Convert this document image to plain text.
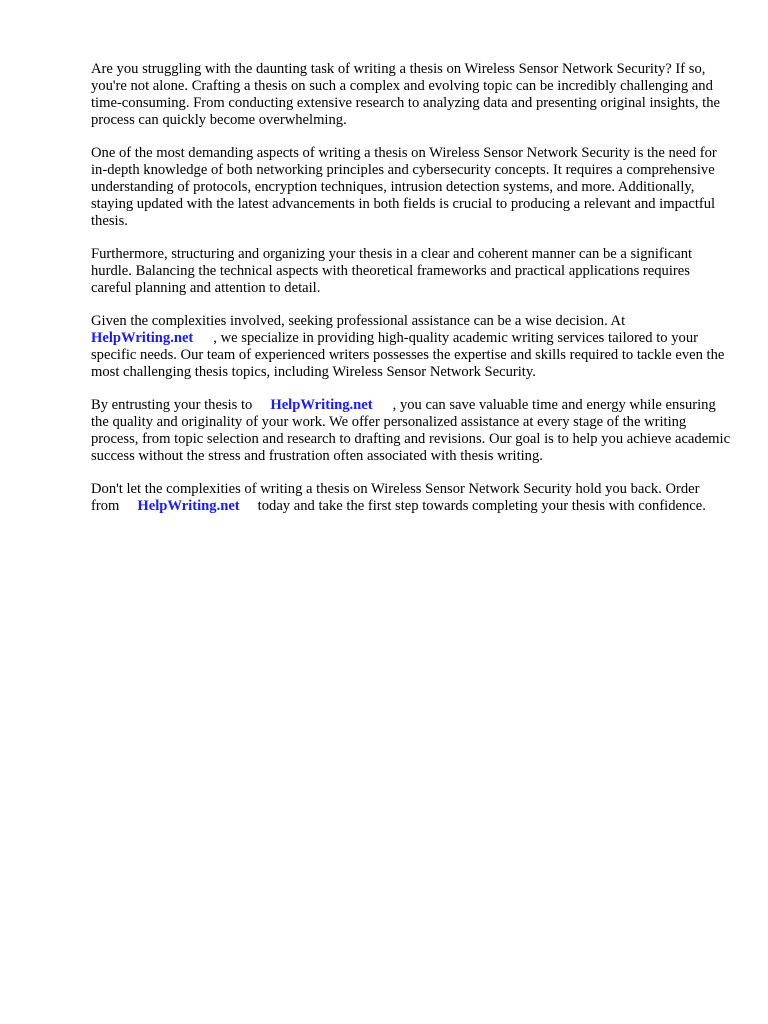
Are you struggling with the daunting task of writing a thesis on Wireless Sensor Network Security? If so, you're not alone. Crafting a thesis on such a complex and evolving topic can be incredibly challenging and time-consuming. From conducting extensive research to analyzing data and presenting original insights, the process can quickly become overwhelming.

One of the most demanding aspects of writing a thesis on Wireless Sensor Network Security is the need for in-depth knowledge of both networking principles and cybersecurity concepts. It requires a comprehensive understanding of protocols, encryption techniques, intrusion detection systems, and more. Additionally, staying updated with the latest advancements in both fields is crucial to producing a relevant and impactful thesis.

Furthermore, structuring and organizing your thesis in a clear and coherent manner can be a significant hurdle. Balancing the technical aspects with theoretical frameworks and practical applications requires careful planning and attention to detail.

Given the complexities involved, seeking professional assistance can be a wise decision. At
HelpWriting.net , we specialize in providing high-quality academic writing services tailored to your specific needs. Our team of experienced writers possesses the expertise and skills required to tackle even the most challenging thesis topics, including Wireless Sensor Network Security.

By entrusting your thesis to HelpWriting.net , you can save valuable time and energy while ensuring the quality and originality of your work. We offer personalized assistance at every stage of the writing process, from topic selection and research to drafting and revisions. Our goal is to help you achieve academic success without the stress and frustration often associated with thesis writing.

Don't let the complexities of writing a thesis on Wireless Sensor Network Security hold you back. Order from HelpWriting.net today and take the first step towards completing your thesis with confidence.
